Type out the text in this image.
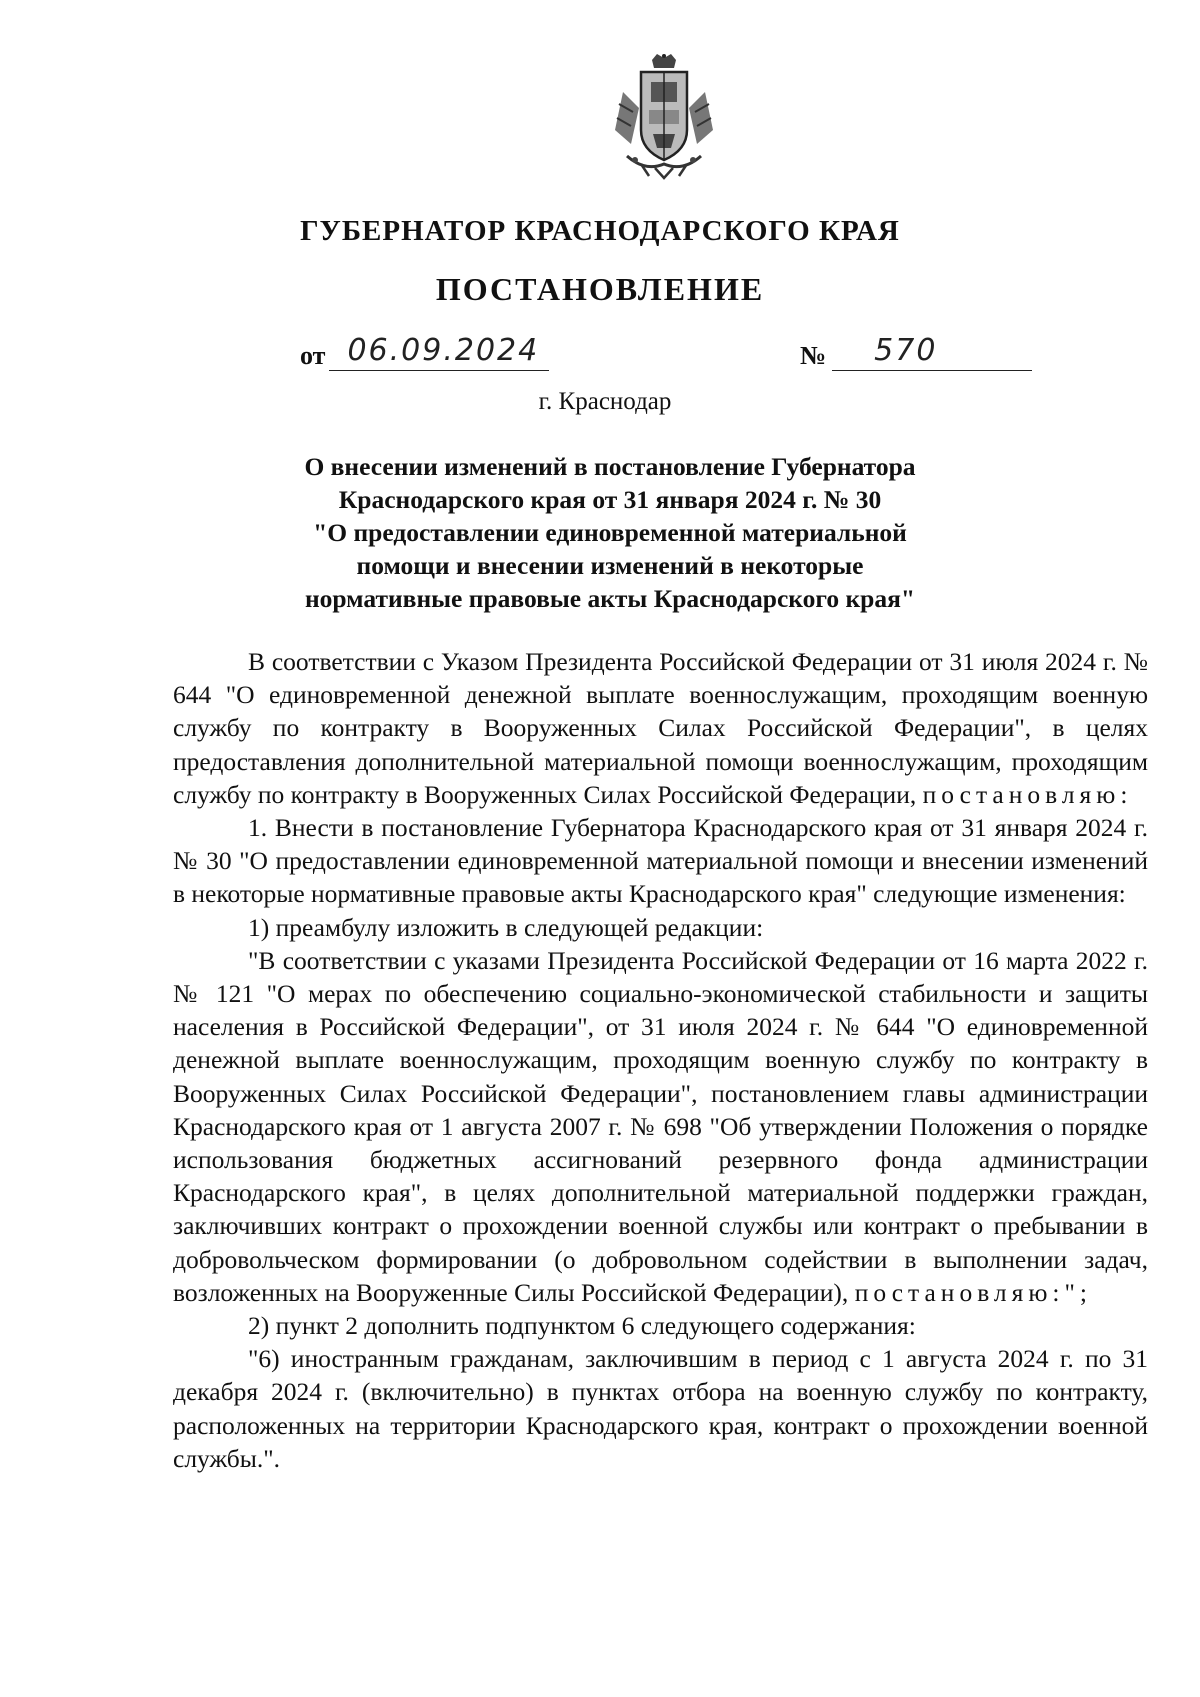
ГУБЕРНАТОР КРАСНОДАРСКОГО КРАЯ
ПОСТАНОВЛЕНИЕ
от 06.09.2024	№ 570
г. Краснодар
О внесении изменений в постановление Губернатора
Краснодарского края от 31 января 2024 г. № 30
"О предоставлении единовременной материальной
помощи и внесении изменений в некоторые
нормативные правовые акты Краснодарского края"

В соответствии с Указом Президента Российской Федерации от 31 июля 2024 г. № 644 "О единовременной денежной выплате военнослужащим, проходящим военную службу по контракту в Вооруженных Силах Российской Федерации", в целях предоставления дополнительной материальной помощи военнослужащим, проходящим службу по контракту в Вооруженных Силах Российской Федерации, постановляю:

1. Внести в постановление Губернатора Краснодарского края от 31 января 2024 г. № 30 "О предоставлении единовременной материальной помощи и внесении изменений в некоторые нормативные правовые акты Краснодарского края" следующие изменения:

1) преамбулу изложить в следующей редакции:

"В соответствии с указами Президента Российской Федерации от 16 марта 2022 г. № 121 "О мерах по обеспечению социально-экономической стабильности и защиты населения в Российской Федерации", от 31 июля 2024 г. № 644 "О единовременной денежной выплате военнослужащим, проходящим военную службу по контракту в Вооруженных Силах Российской Федерации", постановлением главы администрации Краснодарского края от 1 августа 2007 г. № 698 "Об утверждении Положения о порядке использования бюджетных ассигнований резервного фонда администрации Краснодарского края", в целях дополнительной материальной поддержки граждан, заключивших контракт о прохождении военной службы или контракт о пребывании в добровольческом формировании (о добровольном содействии в выполнении задач, возложенных на Вооруженные Силы Российской Федерации), постановляю:";

2) пункт 2 дополнить подпунктом 6 следующего содержания:

"6) иностранным гражданам, заключившим в период с 1 августа 2024 г. по 31 декабря 2024 г. (включительно) в пунктах отбора на военную службу по контракту, расположенных на территории Краснодарского края, контракт о прохождении военной службы.".
